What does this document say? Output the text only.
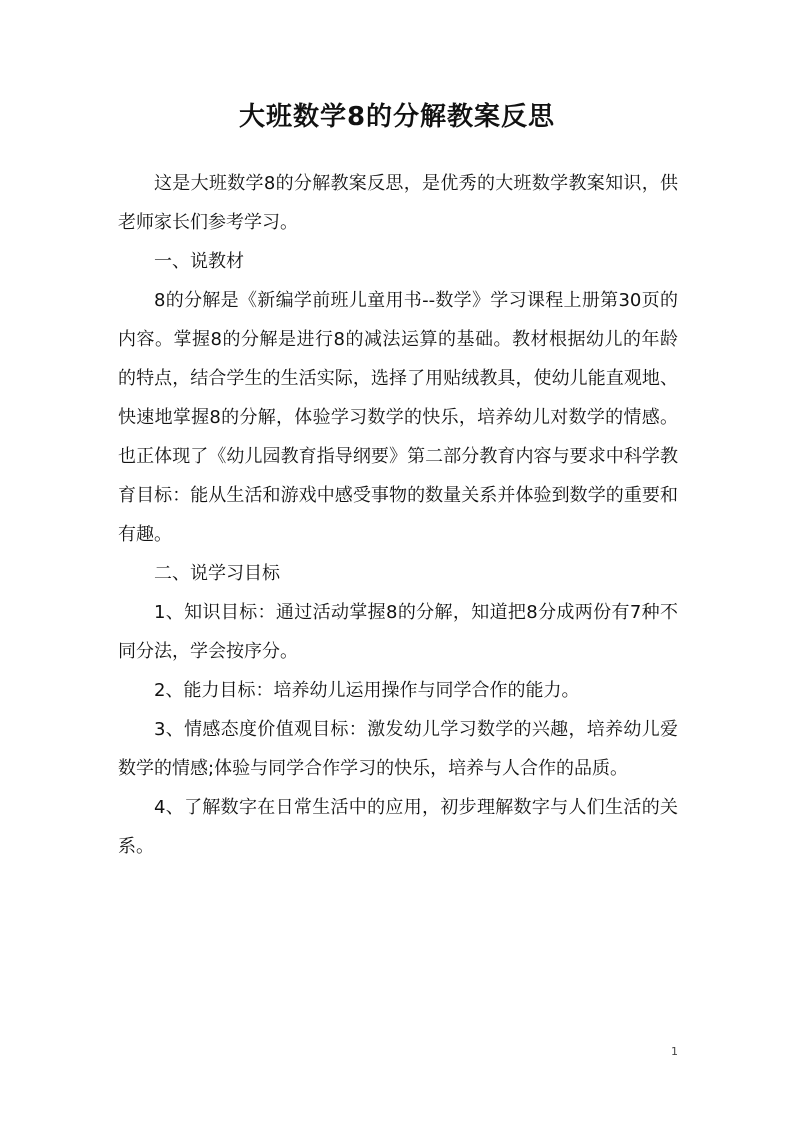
大班数学8的分解教案反思

这是大班数学8的分解教案反思，是优秀的大班数学教案知识，供老师家长们参考学习。

一、说教材

8的分解是《新编学前班儿童用书--数学》学习课程上册第30页的内容。掌握8的分解是进行8的减法运算的基础。教材根据幼儿的年龄的特点，结合学生的生活实际，选择了用贴绒教具，使幼儿能直观地、快速地掌握8的分解，体验学习数学的快乐，培养幼儿对数学的情感。也正体现了《幼儿园教育指导纲要》第二部分教育内容与要求中科学教育目标：能从生活和游戏中感受事物的数量关系并体验到数学的重要和有趣。

二、说学习目标

1、知识目标：通过活动掌握8的分解，知道把8分成两份有7种不同分法，学会按序分。

2、能力目标：培养幼儿运用操作与同学合作的能力。

3、情感态度价值观目标：激发幼儿学习数学的兴趣，培养幼儿爱数学的情感;体验与同学合作学习的快乐，培养与人合作的品质。

4、了解数字在日常生活中的应用，初步理解数字与人们生活的关系。

1
